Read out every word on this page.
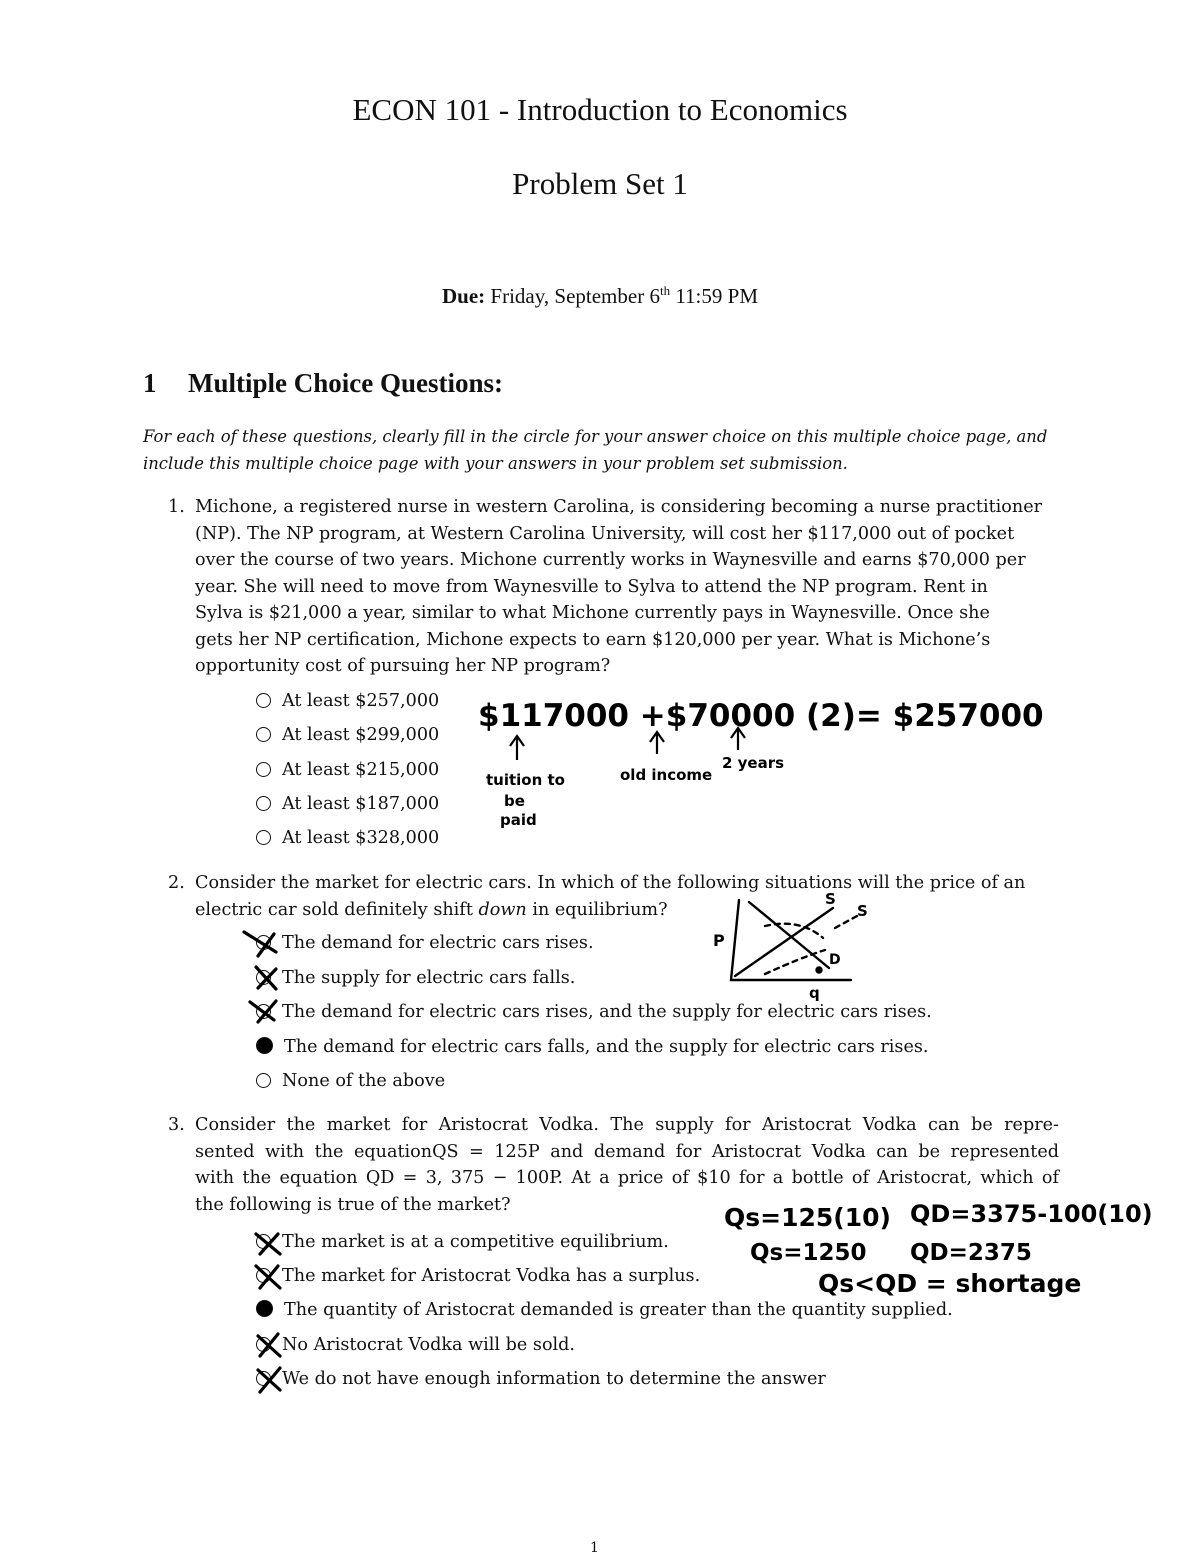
ECON 101 - Introduction to Economics
Problem Set 1
Due: Friday, September 6th 11:59 PM
1 Multiple Choice Questions:
For each of these questions, clearly fill in the circle for your answer choice on this multiple choice page, and include this multiple choice page with your answers in your problem set submission.
1. Michone, a registered nurse in western Carolina, is considering becoming a nurse practitioner
(NP). The NP program, at Western Carolina University, will cost her $117,000 out of pocket
over the course of two years. Michone currently works in Waynesville and earns $70,000 per
year. She will need to move from Waynesville to Sylva to attend the NP program. Rent in
Sylva is $21,000 a year, similar to what Michone currently pays in Waynesville. Once she
gets her NP certification, Michone expects to earn $120,000 per year. What is Michone’s
opportunity cost of pursuing her NP program?
At least $257,000
At least $299,000
At least $215,000
At least $187,000
At least $328,000
$117000 +$70000 (2)= $257000
tuition to
be
paid
old income
2 years
2. Consider the market for electric cars. In which of the following situations will the price of an
electric car sold definitely shift down in equilibrium?
The demand for electric cars rises.
The supply for electric cars falls.
The demand for electric cars rises, and the supply for electric cars rises.
The demand for electric cars falls, and the supply for electric cars rises.
None of the above
P
q
S
S
D
3. Consider the market for Aristocrat Vodka. The supply for Aristocrat Vodka can be repre-
sented with the equationQS = 125P and demand for Aristocrat Vodka can be represented
with the equation QD = 3, 375 − 100P. At a price of $10 for a bottle of Aristocrat, which of
the following is true of the market?
The market is at a competitive equilibrium.
The market for Aristocrat Vodka has a surplus.
The quantity of Aristocrat demanded is greater than the quantity supplied.
No Aristocrat Vodka will be sold.
We do not have enough information to determine the answer
Qs=125(10) QD=3375-100(10)
Qs=1250 QD=2375
Qs<QD = shortage
1
